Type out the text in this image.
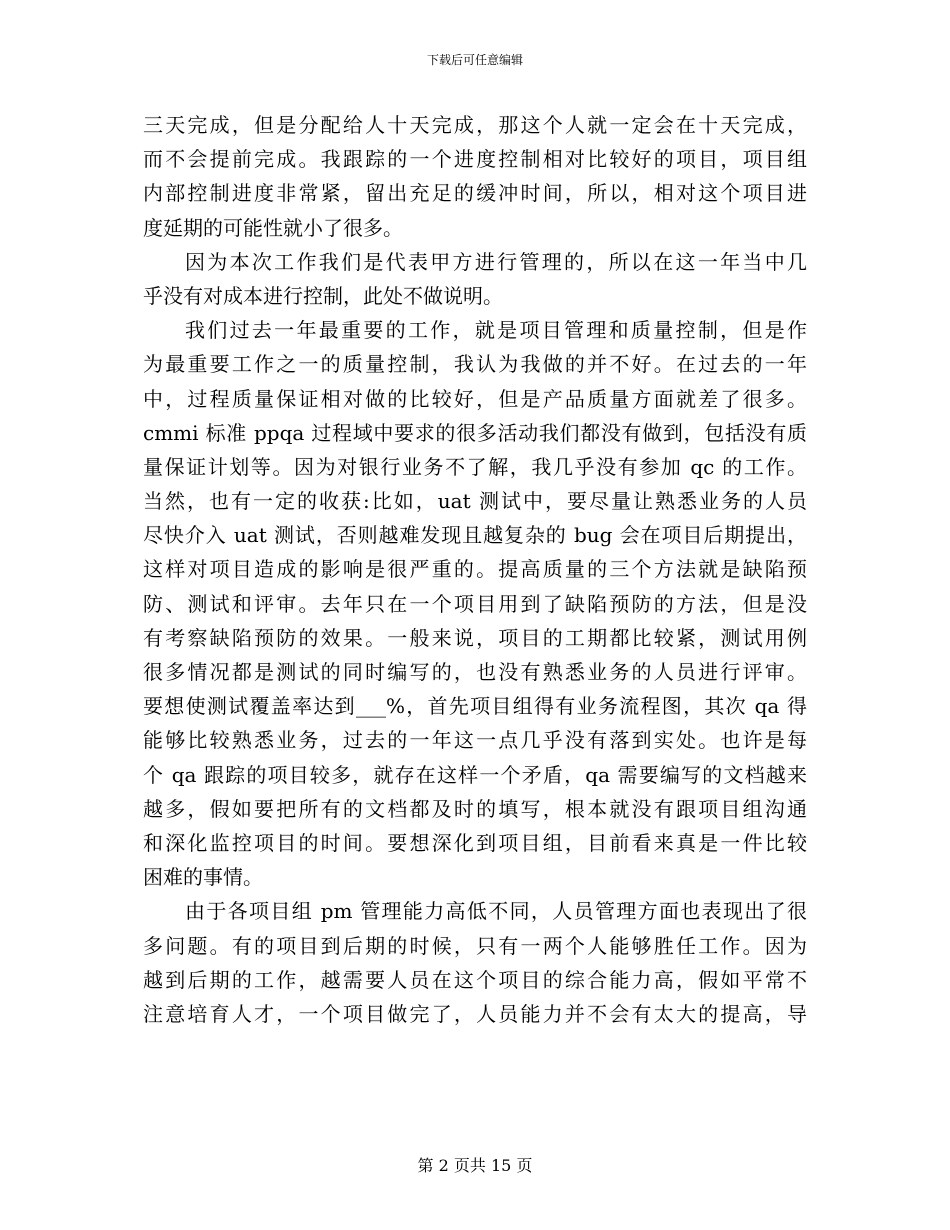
下载后可任意编辑
三天完成，但是分配给人十天完成，那这个人就一定会在十天完成，
而不会提前完成。我跟踪的一个进度控制相对比较好的项目，项目组
内部控制进度非常紧，留出充足的缓冲时间，所以，相对这个项目进
度延期的可能性就小了很多。
因为本次工作我们是代表甲方进行管理的，所以在这一年当中几
乎没有对成本进行控制，此处不做说明。
我们过去一年最重要的工作，就是项目管理和质量控制，但是作
为最重要工作之一的质量控制，我认为我做的并不好。在过去的一年
中，过程质量保证相对做的比较好，但是产品质量方面就差了很多。
cmmi 标准 ppqa 过程域中要求的很多活动我们都没有做到，包括没有质
量保证计划等。因为对银行业务不了解，我几乎没有参加 qc 的工作。
当然，也有一定的收获:比如，uat 测试中，要尽量让熟悉业务的人员
尽快介入 uat 测试，否则越难发现且越复杂的 bug 会在项目后期提出，
这样对项目造成的影响是很严重的。提高质量的三个方法就是缺陷预
防、测试和评审。去年只在一个项目用到了缺陷预防的方法，但是没
有考察缺陷预防的效果。一般来说，项目的工期都比较紧，测试用例
很多情况都是测试的同时编写的，也没有熟悉业务的人员进行评审。
要想使测试覆盖率达到___%，首先项目组得有业务流程图，其次 qa 得
能够比较熟悉业务，过去的一年这一点几乎没有落到实处。也许是每
个 qa 跟踪的项目较多，就存在这样一个矛盾，qa 需要编写的文档越来
越多，假如要把所有的文档都及时的填写，根本就没有跟项目组沟通
和深化监控项目的时间。要想深化到项目组，目前看来真是一件比较
困难的事情。
由于各项目组 pm 管理能力高低不同，人员管理方面也表现出了很
多问题。有的项目到后期的时候，只有一两个人能够胜任工作。因为
越到后期的工作，越需要人员在这个项目的综合能力高，假如平常不
注意培育人才，一个项目做完了，人员能力并不会有太大的提高，导
第 2 页共 15 页
